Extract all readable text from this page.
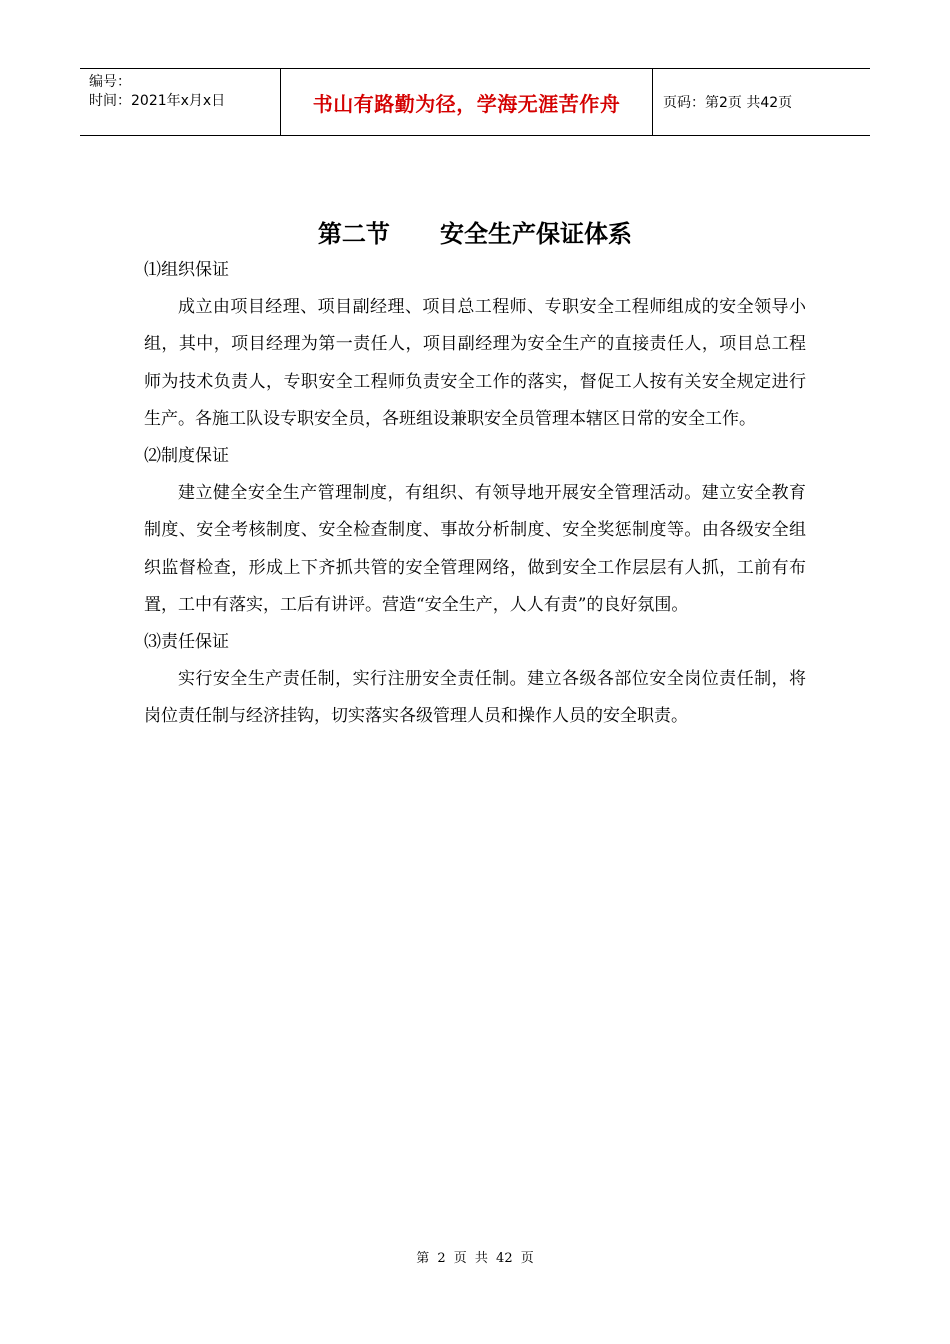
编号：
时间：2021年x月x日	书山有路勤为径，学海无涯苦作舟	页码：第2页 共42页
第二节      安全生产保证体系

⑴组织保证

成立由项目经理、项目副经理、项目总工程师、专职安全工程师组成的安全领导小组，其中，项目经理为第一责任人，项目副经理为安全生产的直接责任人，项目总工程师为技术负责人，专职安全工程师负责安全工作的落实，督促工人按有关安全规定进行生产。各施工队设专职安全员，各班组设兼职安全员管理本辖区日常的安全工作。

⑵制度保证

建立健全安全生产管理制度，有组织、有领导地开展安全管理活动。建立安全教育制度、安全考核制度、安全检查制度、事故分析制度、安全奖惩制度等。由各级安全组织监督检查，形成上下齐抓共管的安全管理网络，做到安全工作层层有人抓，工前有布置，工中有落实，工后有讲评。营造“安全生产，人人有责”的良好氛围。

⑶责任保证

实行安全生产责任制，实行注册安全责任制。建立各级各部位安全岗位责任制，将岗位责任制与经济挂钩，切实落实各级管理人员和操作人员的安全职责。

第 2 页 共 42 页
